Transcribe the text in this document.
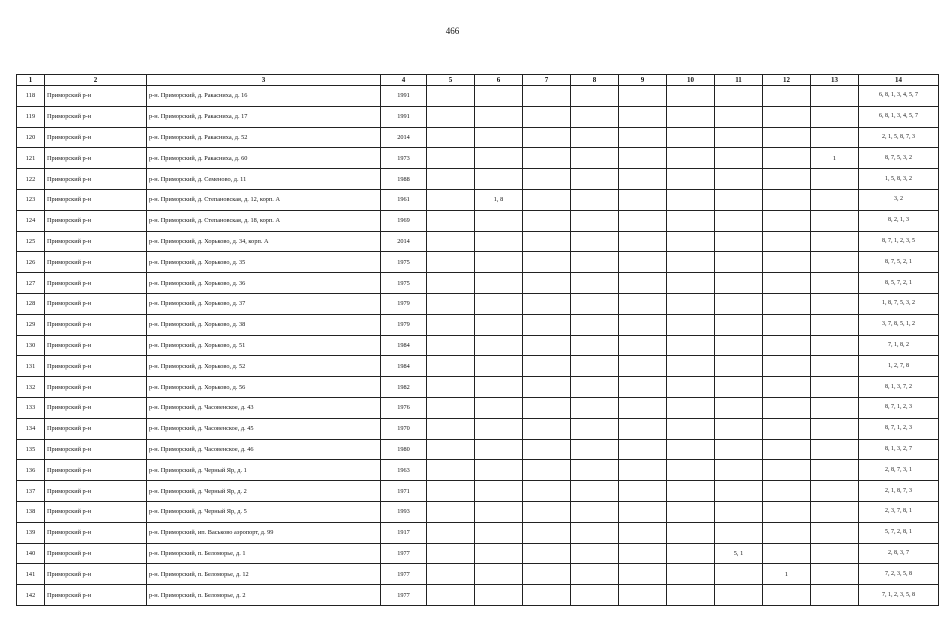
466
1	2	3	4	5	6	7	8	9	10	11	12	13	14
118	Приморский р-н	р-н. Приморский, д. Ракасниха, д. 16	1991										6, 8, 1, 3, 4, 5, 7
119	Приморский р-н	р-н. Приморский, д. Ракасниха, д. 17	1991										6, 8, 1, 3, 4, 5, 7
120	Приморский р-н	р-н. Приморский, д. Ракасниха, д. 52	2014										2, 1, 5, 8, 7, 3
121	Приморский р-н	р-н. Приморский, д. Ракасниха, д. 60	1973									1	8, 7, 5, 3, 2
122	Приморский р-н	р-н. Приморский, д. Семеново, д. 11	1988										1, 5, 8, 3, 2
123	Приморский р-н	р-н. Приморский, д. Степановская, д. 12, корп. А	1961		1, 8								3, 2
124	Приморский р-н	р-н. Приморский, д. Степановская, д. 18, корп. А	1969										8, 2, 1, 3
125	Приморский р-н	р-н. Приморский, д. Хорьково, д. 34, корп. А	2014										8, 7, 1, 2, 3, 5
126	Приморский р-н	р-н. Приморский, д. Хорьково, д. 35	1975										8, 7, 5, 2, 1
127	Приморский р-н	р-н. Приморский, д. Хорьково, д. 36	1975										8, 5, 7, 2, 1
128	Приморский р-н	р-н. Приморский, д. Хорьково, д. 37	1979										1, 8, 7, 5, 3, 2
129	Приморский р-н	р-н. Приморский, д. Хорьково, д. 38	1979										3, 7, 8, 5, 1, 2
130	Приморский р-н	р-н. Приморский, д. Хорьково, д. 51	1984										7, 1, 8, 2
131	Приморский р-н	р-н. Приморский, д. Хорьково, д. 52	1984										1, 2, 7, 8
132	Приморский р-н	р-н. Приморский, д. Хорьково, д. 56	1982										8, 1, 3, 7, 2
133	Приморский р-н	р-н. Приморский, д. Часовенское, д. 43	1976										8, 7, 1, 2, 3
134	Приморский р-н	р-н. Приморский, д. Часовенское, д. 45	1970										8, 7, 1, 2, 3
135	Приморский р-н	р-н. Приморский, д. Часовенское, д. 46	1980										8, 1, 3, 2, 7
136	Приморский р-н	р-н. Приморский, д. Черный Яр, д. 1	1963										2, 8, 7, 3, 1
137	Приморский р-н	р-н. Приморский, д. Черный Яр, д. 2	1971										2, 1, 8, 7, 3
138	Приморский р-н	р-н. Приморский, д. Черный Яр, д. 5	1993										2, 3, 7, 8, 1
139	Приморский р-н	р-н. Приморский, ип. Васьково аэропорт, д. 99	1917										5, 7, 2, 8, 1
140	Приморский р-н	р-н. Приморский, п. Беломорье, д. 1	1977							5, 1			2, 8, 3, 7
141	Приморский р-н	р-н. Приморский, п. Беломорье, д. 12	1977								1		7, 2, 3, 5, 8
142	Приморский р-н	р-н. Приморский, п. Беломорье, д. 2	1977										7, 1, 2, 3, 5, 8
